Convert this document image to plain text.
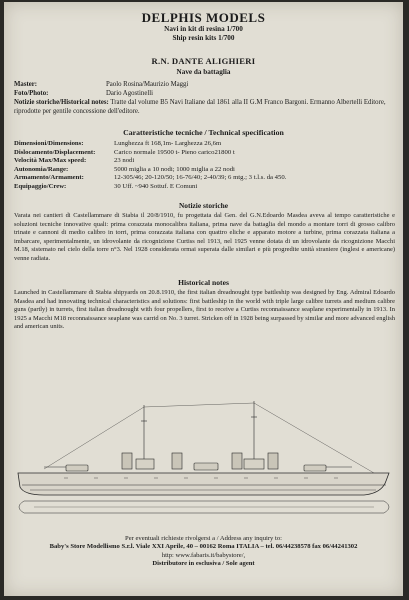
DELPHIS MODELS
Navi in kit di resina 1/700
Ship resin kits 1/700
R.N. DANTE ALIGHIERI
Nave da battaglia
Master:	Paolo Rosina/Maurizio Maggi
Foto/Photo:	Dario Agostinelli
Notizie storiche/Historical notes: Tratte dal volume B5 Navi Italiane dal 1861 alla II G.M Franco Bargoni. Ermanno Albertelli Editore, riprodotte per gentile concessione dell'editore.
Caratteristiche tecniche / Technical specification
Dimensioni/Dimensions:	Lunghezza ft 168,1m- Larghezza 26,6m
Dislocamento/Displacement:	Carico normale 19500 t- Pieno carico21800 t
Velocità Max/Max speed:	23 nodi
Autonomia/Range:	5000 miglia a 10 nodi; 1000 miglia a 22 nodi
Armamento/Armament:	12-305/46; 20-120/50; 16-76/40; 2-40/39; 6 mtg.; 3 t.l.s. da 450.
Equipaggio/Crew:	30 Uff. ~940 Sottuf. E Comuni
Notizie storiche
Varata nei cantieri di Castellammare di Stabia il 20/8/1910, fu progettata dal Gen. del G.N.Edoardo Masdea aveva al tempo caratteristiche e soluzioni tecniche innovative quali: prima corazzata monocalibra italiana, prima nave da battaglia del mondo a montare torri di grosso calibro trinate e cannoni di medio calibro in torri, prima corazzata italiana con quattro eliche e apparato motore a turbine, prima corazzata italiana a imbarcare, sperimentalmente, un idrovolante da ricognizione Curtiss nel 1913, nel 1925 venne dotata di un idrovolante da ricognizione Macchi M.18, sistemato nel cielo della torre n°3. Nel 1928 considerata ormai superata dalle similari e più progredite unità straniere (inglesi e americane) venne radiata.
Historical notes
Launched in Castellammare di Stabia shipyards on 20.8.1910, the first italian dreadnought type battleship was designed by Eng. Admiral Edoardo Masdea and had innovating technical characteristics and solutions: first battleship in the world with triple large calibre turrets and medium calibre guns (partly) in turrets, first italian dreadnought with four propellers, first to receive a Curtiss reconnaissance seaplane experimentally in 1913. In 1925 a Macchi M18 reconnaissance seaplane was carrid on No. 3 turret. Stricken off in 1928 being surpassed by similar and more advanced english and american units.
Per eventuali richieste rivolgersi a / Address any inquiry to:
Baby's Store Modellismo S.r.l. Viale XXI Aprile, 40 – 00162 Roma ITALIA – tel. 06/44238578 fax 06/44241302
http: www.fabaris.it/babystore/,
Distributore in esclusiva / Sole agent
